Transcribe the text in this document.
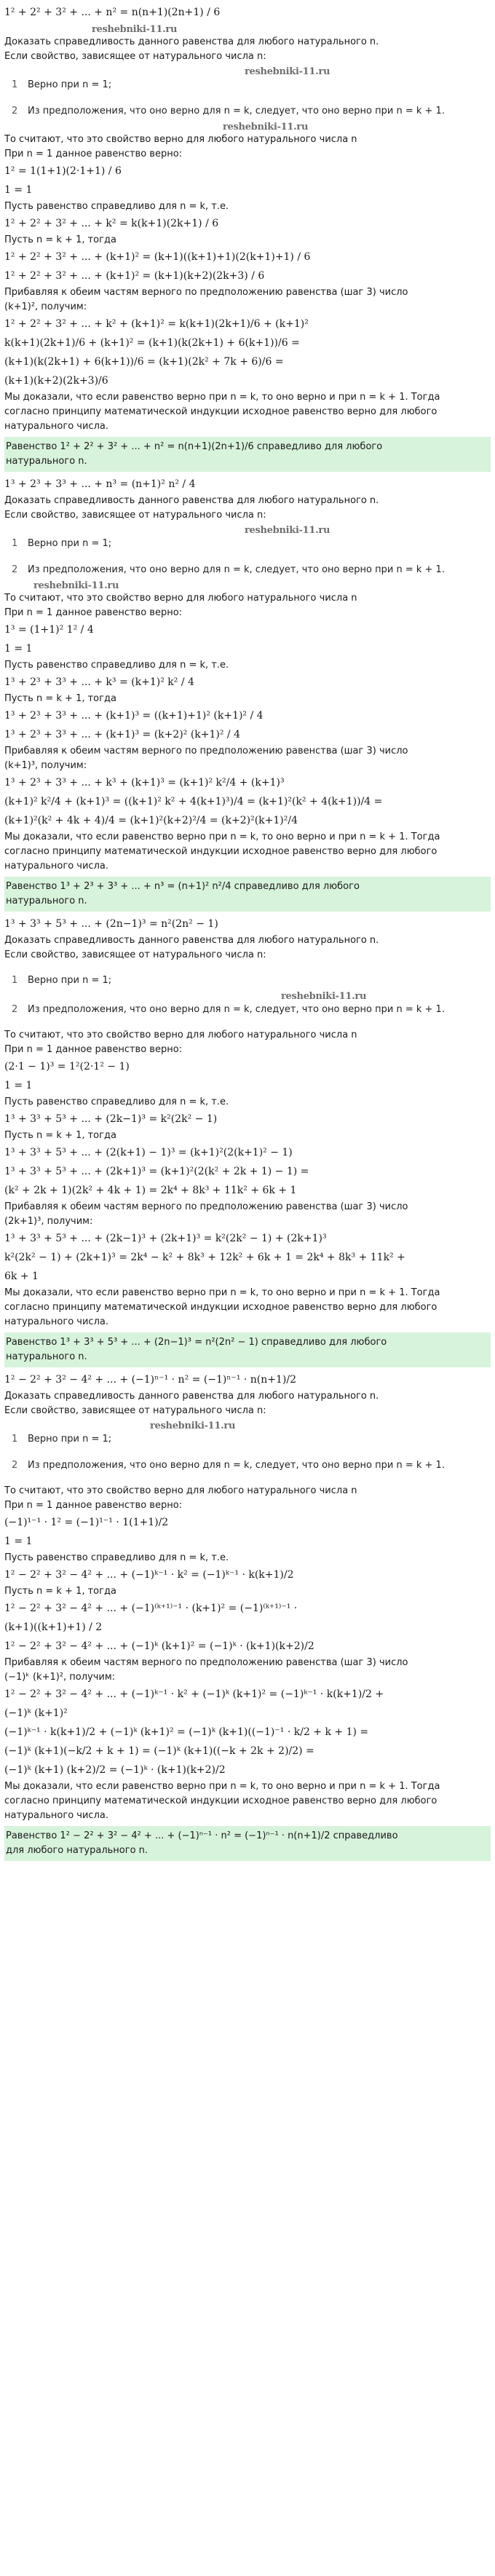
1² + 2² + 3² + ... + n² = n(n+1)(2n+1) / 6
reshebniki-11.ru
Доказать справедливость данного равенства для любого натурального n.
Если свойство, зависящее от натурального числа n:
reshebniki-11.ru
1 Верно при n = 1;
2 Из предположения, что оно верно для n = k, следует, что оно верно при n = k + 1.
reshebniki-11.ru
То считают, что это свойство верно для любого натурального числа n
При n = 1 данное равенство верно:
1² = 1(1+1)(2·1+1) / 6
1 = 1
Пусть равенство справедливо для n = k, т.е.
1² + 2² + 3² + ... + k² = k(k+1)(2k+1) / 6
Пусть n = k + 1, тогда
1² + 2² + 3² + ... + (k+1)² = (k+1)((k+1)+1)(2(k+1)+1) / 6
1² + 2² + 3² + ... + (k+1)² = (k+1)(k+2)(2k+3) / 6
Прибавляя к обеим частям верного по предположению равенства (шаг 3) число
(k+1)², получим:
1² + 2² + 3² + ... + k² + (k+1)² = k(k+1)(2k+1)/6 + (k+1)²
k(k+1)(2k+1)/6 + (k+1)² = (k+1)(k(2k+1) + 6(k+1))/6 =
(k+1)(k(2k+1) + 6(k+1))/6 = (k+1)(2k² + 7k + 6)/6 =
(k+1)(k+2)(2k+3)/6
Мы доказали, что если равенство верно при n = k, то оно верно и при n = k + 1. Тогда
согласно принципу математической индукции исходное равенство верно для любого
натурального числа.
Равенство 1² + 2² + 3² + ... + n² = n(n+1)(2n+1)/6 справедливо для любого
натурального n.
1³ + 2³ + 3³ + ... + n³ = (n+1)² n² / 4
Доказать справедливость данного равенства для любого натурального n.
Если свойство, зависящее от натурального числа n:
reshebniki-11.ru
1 Верно при n = 1;
2 Из предположения, что оно верно для n = k, следует, что оно верно при n = k + 1.
reshebniki-11.ru
То считают, что это свойство верно для любого натурального числа n
При n = 1 данное равенство верно:
1³ = (1+1)² 1² / 4
1 = 1
Пусть равенство справедливо для n = k, т.е.
1³ + 2³ + 3³ + ... + k³ = (k+1)² k² / 4
Пусть n = k + 1, тогда
1³ + 2³ + 3³ + ... + (k+1)³ = ((k+1)+1)² (k+1)² / 4
1³ + 2³ + 3³ + ... + (k+1)³ = (k+2)² (k+1)² / 4
Прибавляя к обеим частям верного по предположению равенства (шаг 3) число
(k+1)³, получим:
1³ + 2³ + 3³ + ... + k³ + (k+1)³ = (k+1)² k²/4 + (k+1)³
(k+1)² k²/4 + (k+1)³ = ((k+1)² k² + 4(k+1)³)/4 = (k+1)²(k² + 4(k+1))/4 =
(k+1)²(k² + 4k + 4)/4 = (k+1)²(k+2)²/4 = (k+2)²(k+1)²/4
Мы доказали, что если равенство верно при n = k, то оно верно и при n = k + 1. Тогда
согласно принципу математической индукции исходное равенство верно для любого
натурального числа.
Равенство 1³ + 2³ + 3³ + ... + n³ = (n+1)² n²/4 справедливо для любого
натурального n.
1³ + 3³ + 5³ + ... + (2n−1)³ = n²(2n² − 1)
Доказать справедливость данного равенства для любого натурального n.
Если свойство, зависящее от натурального числа n:
1 Верно при n = 1;
reshebniki-11.ru
2 Из предположения, что оно верно для n = k, следует, что оно верно при n = k + 1.
То считают, что это свойство верно для любого натурального числа n
При n = 1 данное равенство верно:
(2·1 − 1)³ = 1²(2·1² − 1)
1 = 1
Пусть равенство справедливо для n = k, т.е.
1³ + 3³ + 5³ + ... + (2k−1)³ = k²(2k² − 1)
Пусть n = k + 1, тогда
1³ + 3³ + 5³ + ... + (2(k+1) − 1)³ = (k+1)²(2(k+1)² − 1)
1³ + 3³ + 5³ + ... + (2k+1)³ = (k+1)²(2(k² + 2k + 1) − 1) =
(k² + 2k + 1)(2k² + 4k + 1) = 2k⁴ + 8k³ + 11k² + 6k + 1
Прибавляя к обеим частям верного по предположению равенства (шаг 3) число
(2k+1)³, получим:
1³ + 3³ + 5³ + ... + (2k−1)³ + (2k+1)³ = k²(2k² − 1) + (2k+1)³
k²(2k² − 1) + (2k+1)³ = 2k⁴ − k² + 8k³ + 12k² + 6k + 1 = 2k⁴ + 8k³ + 11k² +
6k + 1
Мы доказали, что если равенство верно при n = k, то оно верно и при n = k + 1. Тогда
согласно принципу математической индукции исходное равенство верно для любого
натурального числа.
Равенство 1³ + 3³ + 5³ + ... + (2n−1)³ = n²(2n² − 1) справедливо для любого
натурального n.
1² − 2² + 3² − 4² + ... + (−1)ⁿ⁻¹ · n² = (−1)ⁿ⁻¹ · n(n+1)/2
Доказать справедливость данного равенства для любого натурального n.
Если свойство, зависящее от натурального числа n:
reshebniki-11.ru
1 Верно при n = 1;
2 Из предположения, что оно верно для n = k, следует, что оно верно при n = k + 1.
То считают, что это свойство верно для любого натурального числа n
При n = 1 данное равенство верно:
(−1)¹⁻¹ · 1² = (−1)¹⁻¹ · 1(1+1)/2
1 = 1
Пусть равенство справедливо для n = k, т.е.
1² − 2² + 3² − 4² + ... + (−1)ᵏ⁻¹ · k² = (−1)ᵏ⁻¹ · k(k+1)/2
Пусть n = k + 1, тогда
1² − 2² + 3² − 4² + ... + (−1)⁽ᵏ⁺¹⁾⁻¹ · (k+1)² = (−1)⁽ᵏ⁺¹⁾⁻¹ ·
(k+1)((k+1)+1) / 2
1² − 2² + 3² − 4² + ... + (−1)ᵏ (k+1)² = (−1)ᵏ · (k+1)(k+2)/2
Прибавляя к обеим частям верного по предположению равенства (шаг 3) число
(−1)ᵏ (k+1)², получим:
1² − 2² + 3² − 4² + ... + (−1)ᵏ⁻¹ · k² + (−1)ᵏ (k+1)² = (−1)ᵏ⁻¹ · k(k+1)/2 +
(−1)ᵏ (k+1)²
(−1)ᵏ⁻¹ · k(k+1)/2 + (−1)ᵏ (k+1)² = (−1)ᵏ (k+1)((−1)⁻¹ · k/2 + k + 1) =
(−1)ᵏ (k+1)(−k/2 + k + 1) = (−1)ᵏ (k+1)((−k + 2k + 2)/2) =
(−1)ᵏ (k+1) (k+2)/2 = (−1)ᵏ · (k+1)(k+2)/2
Мы доказали, что если равенство верно при n = k, то оно верно и при n = k + 1. Тогда
согласно принципу математической индукции исходное равенство верно для любого
натурального числа.
Равенство 1² − 2² + 3² − 4² + ... + (−1)ⁿ⁻¹ · n² = (−1)ⁿ⁻¹ · n(n+1)/2 справедливо
для любого натурального n.
